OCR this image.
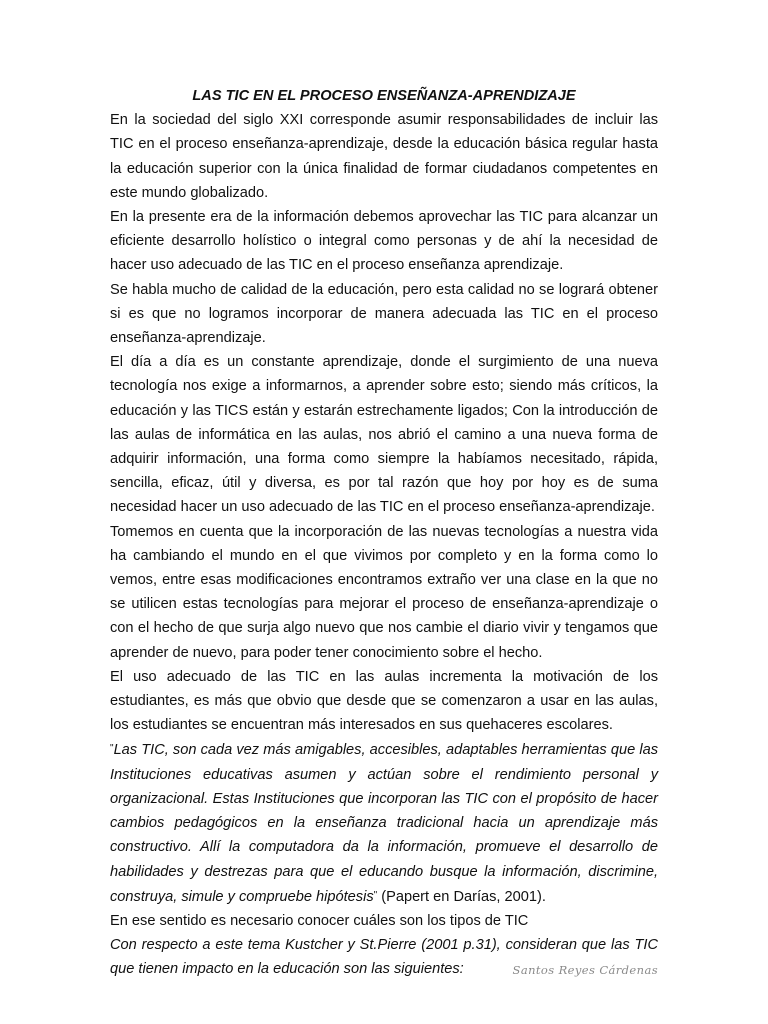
LAS TIC EN EL PROCESO ENSEÑANZA-APRENDIZAJE

En la sociedad del siglo XXI corresponde asumir responsabilidades de incluir las TIC en el proceso enseñanza-aprendizaje, desde la educación básica regular hasta la educación superior con la única finalidad de formar ciudadanos competentes en este mundo globalizado.

En la presente era de la información debemos aprovechar las TIC para alcanzar un eficiente desarrollo holístico o integral como personas y de ahí la necesidad de hacer uso adecuado de las TIC en el proceso enseñanza aprendizaje.

Se habla mucho de calidad de la educación, pero esta calidad no se logrará obtener si es que no logramos incorporar de manera adecuada las TIC en el proceso enseñanza-aprendizaje.

El día a día es un constante aprendizaje, donde el surgimiento de una nueva tecnología nos exige a informarnos, a aprender sobre esto; siendo más críticos, la educación y las TICS están y estarán estrechamente ligados; Con la introducción de las aulas de informática en las aulas, nos abrió el camino a una nueva forma de adquirir información, una forma como siempre la habíamos necesitado, rápida, sencilla, eficaz, útil y diversa, es por tal razón que hoy por hoy es de suma necesidad hacer un uso adecuado de las TIC en el proceso enseñanza-aprendizaje.

Tomemos en cuenta que la incorporación de las nuevas tecnologías a nuestra vida ha cambiando el mundo en el que vivimos por completo y en la forma como lo vemos, entre esas modificaciones encontramos extraño ver una clase en la que no se utilicen estas tecnologías para mejorar el proceso de enseñanza-aprendizaje o con el hecho de que surja algo nuevo que nos cambie el diario vivir y tengamos que aprender de nuevo, para poder tener conocimiento sobre el hecho.

El uso adecuado de las TIC en las aulas incrementa la motivación de los estudiantes, es más que obvio que desde que se comenzaron a usar en las aulas, los estudiantes se encuentran más interesados en sus quehaceres escolares.

"Las TIC, son cada vez más amigables, accesibles, adaptables herramientas que las Instituciones educativas asumen y actúan sobre el rendimiento personal y organizacional. Estas Instituciones que incorporan las TIC con el propósito de hacer cambios pedagógicos en la enseñanza tradicional hacia un aprendizaje más constructivo. Allí la computadora da la información, promueve el desarrollo de habilidades y destrezas para que el educando busque la información, discrimine, construya, simule y compruebe hipótesis" (Papert en Darías, 2001).

En ese sentido es necesario conocer cuáles son los tipos de TIC

Con respecto a este tema Kustcher y St.Pierre (2001 p.31), consideran que las TIC que tienen impacto en la educación son las siguientes:	Santos Reyes Cárdenas
